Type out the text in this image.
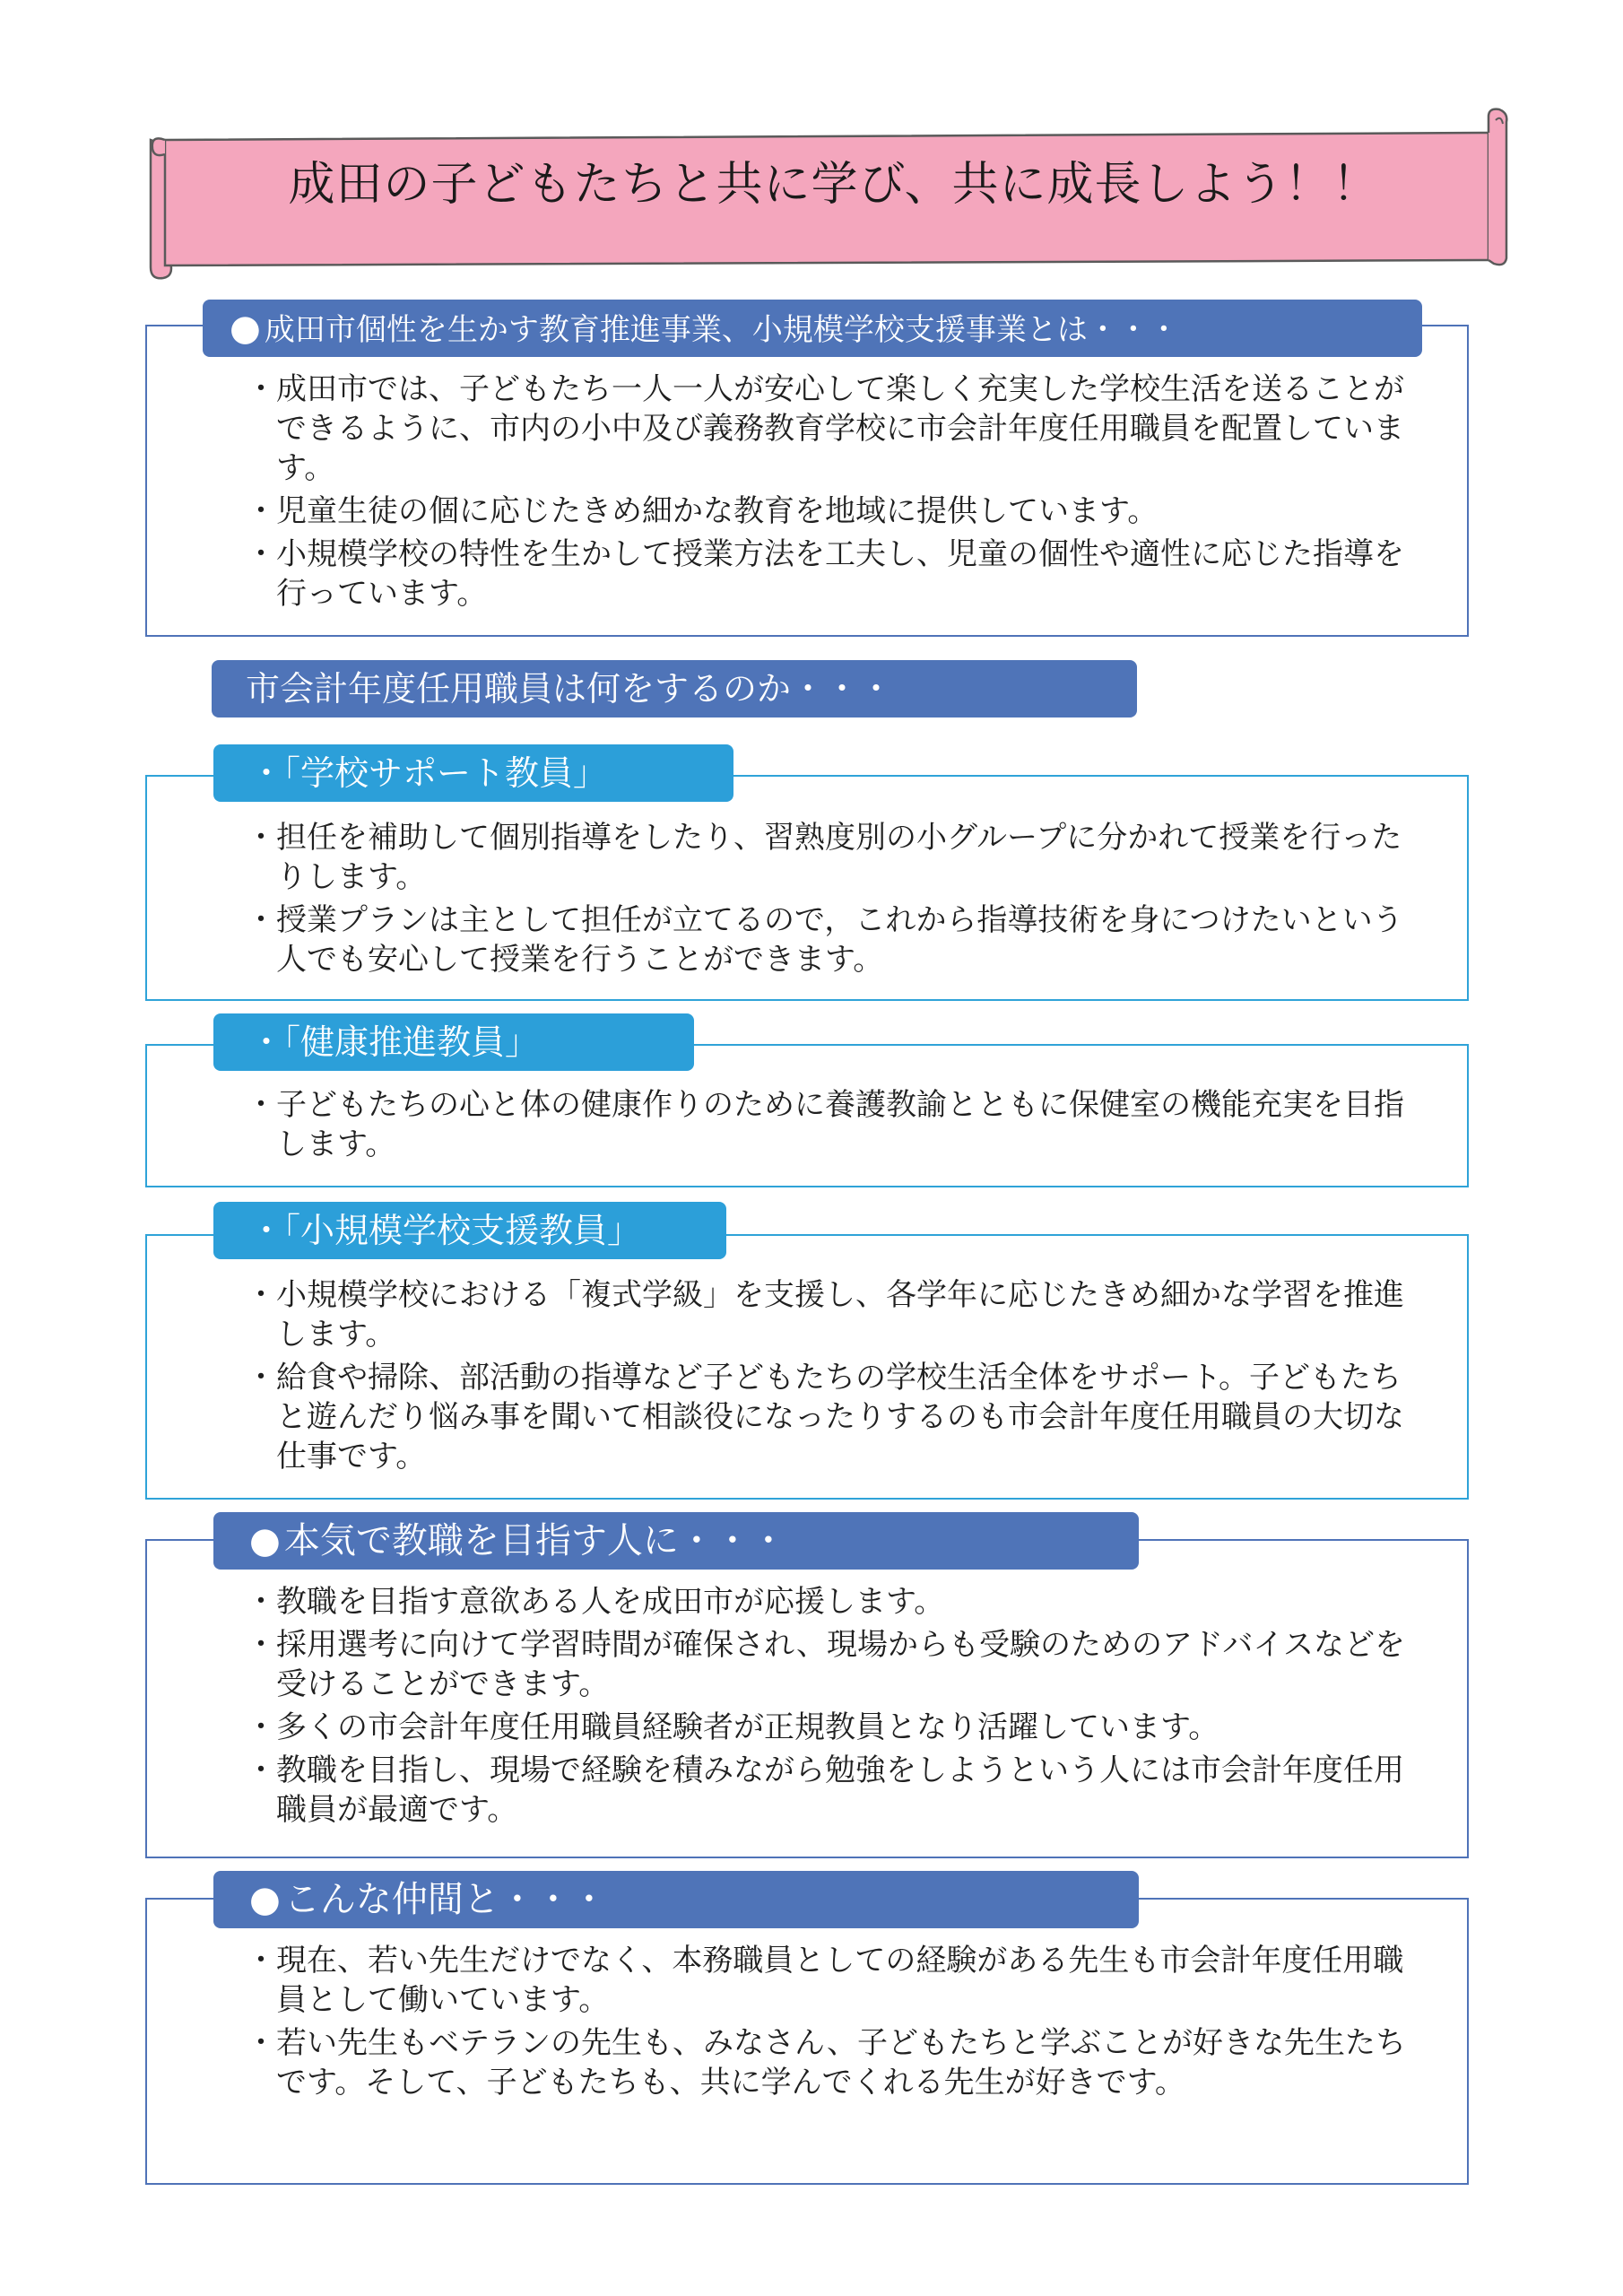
成田の子どもたちと共に学び、共に成長しよう！！
● 成田市個性を生かす教育推進事業、小規模学校支援事業とは・・・
・ 成田市では、子どもたち一人一人が安心して楽しく充実した学校生活を送ることができるように、市内の小中及び義務教育学校に市会計年度任用職員を配置しています。
・ 児童生徒の個に応じたきめ細かな教育を地域に提供しています。
・ 小規模学校の特性を生かして授業方法を工夫し、児童の個性や適性に応じた指導を行っています。
市会計年度任用職員は何をするのか・・・
・「学校サポート教員」
・ 担任を補助して個別指導をしたり、習熟度別の小グループに分かれて授業を行ったりします。
・ 授業プランは主として担任が立てるので，これから指導技術を身につけたいという人でも安心して授業を行うことができます。
・「健康推進教員」
・ 子どもたちの心と体の健康作りのために養護教諭とともに保健室の機能充実を目指します。
・「小規模学校支援教員」
・ 小規模学校における「複式学級」を支援し、各学年に応じたきめ細かな学習を推進します。
・ 給食や掃除、部活動の指導など子どもたちの学校生活全体をサポート。子どもたちと遊んだり悩み事を聞いて相談役になったりするのも市会計年度任用職員の大切な仕事です。
● 本気で教職を目指す人に・・・
・ 教職を目指す意欲ある人を成田市が応援します。
・ 採用選考に向けて学習時間が確保され、現場からも受験のためのアドバイスなどを受けることができます。
・ 多くの市会計年度任用職員経験者が正規教員となり活躍しています。
・ 教職を目指し、現場で経験を積みながら勉強をしようという人には市会計年度任用職員が最適です。
● こんな仲間と・・・
・ 現在、若い先生だけでなく、本務職員としての経験がある先生も市会計年度任用職員として働いています。
・ 若い先生もベテランの先生も、みなさん、子どもたちと学ぶことが好きな先生たちです。そして、子どもたちも、共に学んでくれる先生が好きです。
